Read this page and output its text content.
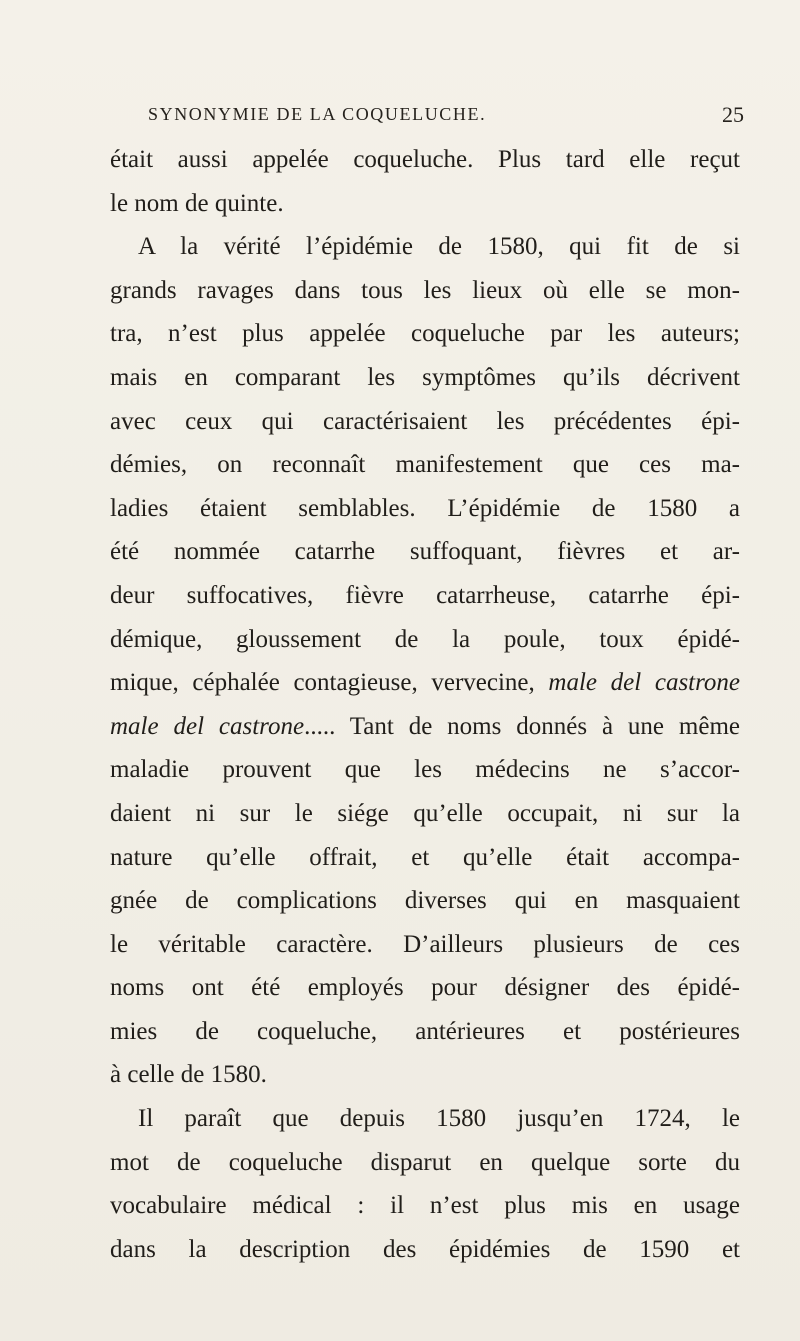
SYNONYMIE DE LA COQUELUCHE.	25
était aussi appelée coqueluche. Plus tard elle reçut
le nom de quinte.
A la vérité l’épidémie de 1580, qui fit de si
grands ravages dans tous les lieux où elle se mon-
tra, n’est plus appelée coqueluche par les auteurs;
mais en comparant les symptômes qu’ils décrivent
avec ceux qui caractérisaient les précédentes épi-
démies, on reconnaît manifestement que ces ma-
ladies étaient semblables. L’épidémie de 1580 a
été nommée catarrhe suffoquant, fièvres et ar-
deur suffocatives, fièvre catarrheuse, catarrhe épi-
démique, gloussement de la poule, toux épidé-
mique, céphalée contagieuse, vervecine, male del castrone
male del castrone..... Tant de noms donnés à une même
maladie prouvent que les médecins ne s’accor-
daient ni sur le siége qu’elle occupait, ni sur la
nature qu’elle offrait, et qu’elle était accompa-
gnée de complications diverses qui en masquaient
le véritable caractère. D’ailleurs plusieurs de ces
noms ont été employés pour désigner des épidé-
mies de coqueluche, antérieures et postérieures
à celle de 1580.
Il paraît que depuis 1580 jusqu’en 1724, le
mot de coqueluche disparut en quelque sorte du
vocabulaire médical : il n’est plus mis en usage
dans la description des épidémies de 1590 et
